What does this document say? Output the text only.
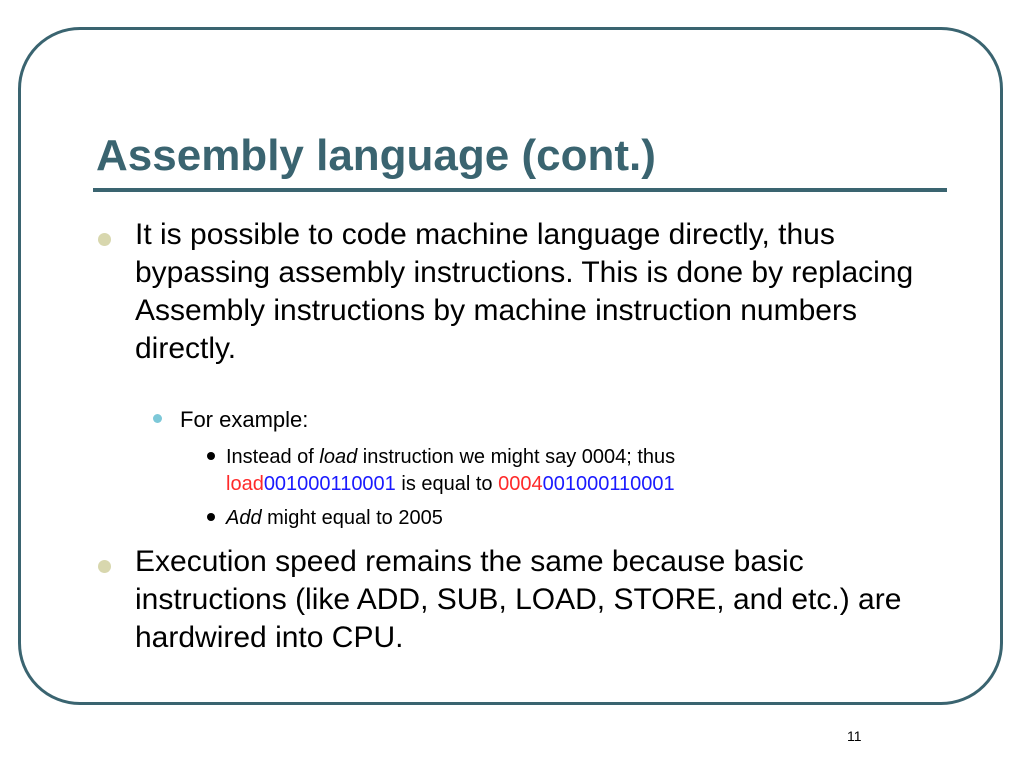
Assembly language (cont.)
It is possible to code machine language directly, thus bypassing assembly instructions. This is done by replacing Assembly instructions by machine instruction numbers directly.
For example:
Instead of load instruction we might say 0004; thus
load001000110001 is equal to 0004001000110001
Add might equal to 2005
Execution speed remains the same because basic instructions (like ADD, SUB, LOAD, STORE, and etc.) are hardwired into CPU.
11
